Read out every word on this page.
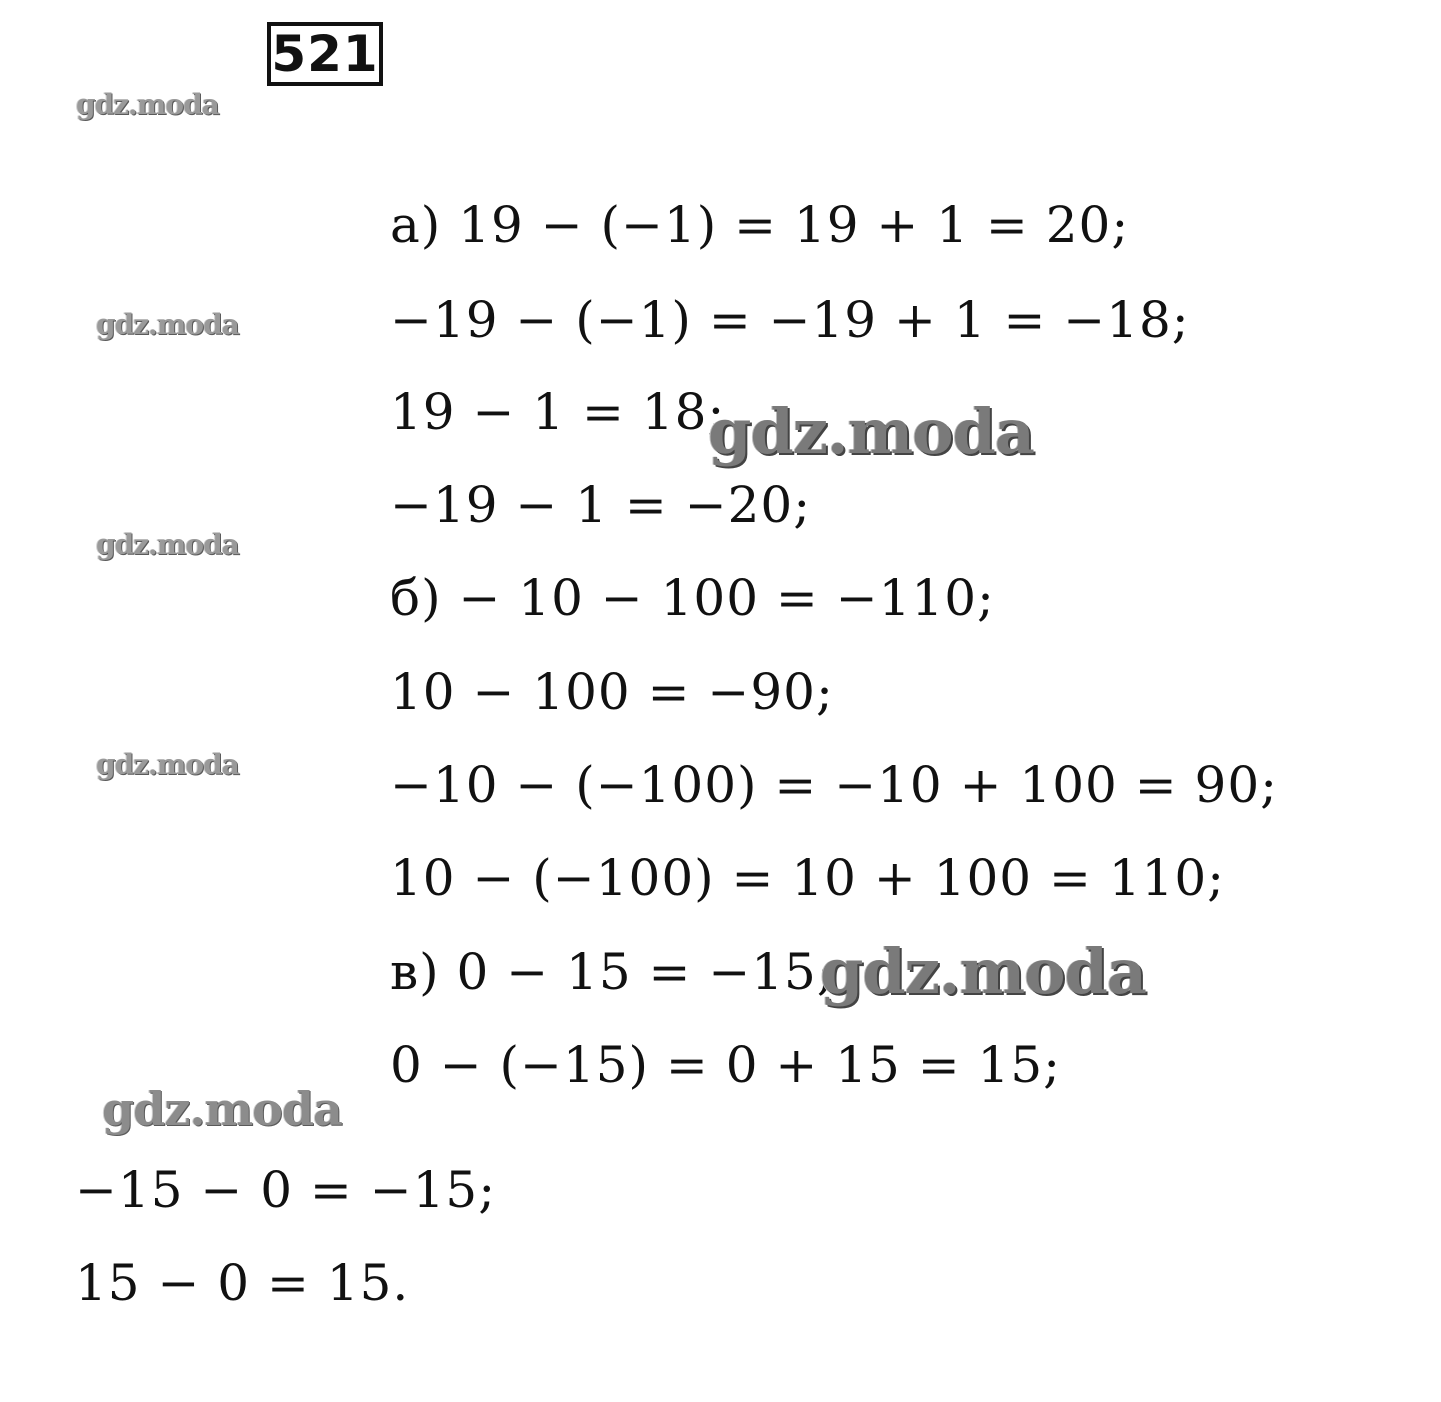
521
а) 19 − (−1) = 19 + 1 = 20;
−19 − (−1) = −19 + 1 = −18;
19 − 1 = 18;
−19 − 1 = −20;
б) − 10 − 100 = −110;
10 − 100 = −90;
−10 − (−100) = −10 + 100 = 90;
10 − (−100) = 10 + 100 = 110;
в) 0 − 15 = −15;
0 − (−15) = 0 + 15 = 15;
−15 − 0 = −15;
15 − 0 = 15.
gdz.moda
gdz.moda
gdz.moda
gdz.moda
gdz.moda
gdz.moda
gdz.moda
